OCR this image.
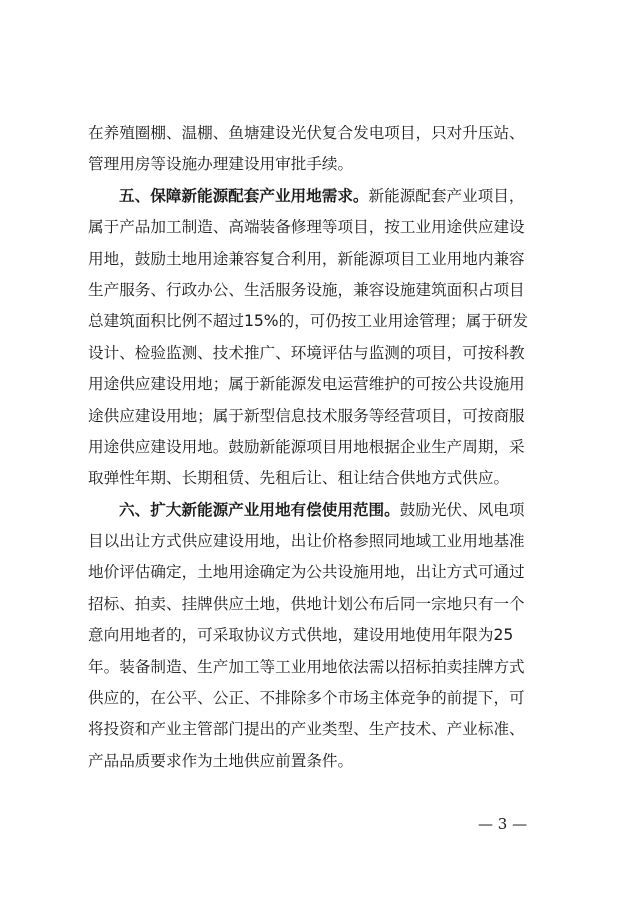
在养殖圈棚、温棚、鱼塘建设光伏复合发电项目，只对升压站、
管理用房等设施办理建设用审批手续。
五、保障新能源配套产业用地需求。新能源配套产业项目，
属于产品加工制造、高端装备修理等项目，按工业用途供应建设
用地，鼓励土地用途兼容复合利用，新能源项目工业用地内兼容
生产服务、行政办公、生活服务设施，兼容设施建筑面积占项目
总建筑面积比例不超过15%的，可仍按工业用途管理；属于研发
设计、检验监测、技术推广、环境评估与监测的项目，可按科教
用途供应建设用地；属于新能源发电运营维护的可按公共设施用
途供应建设用地；属于新型信息技术服务等经营项目，可按商服
用途供应建设用地。鼓励新能源项目用地根据企业生产周期，采
取弹性年期、长期租赁、先租后让、租让结合供地方式供应。
六、扩大新能源产业用地有偿使用范围。鼓励光伏、风电项
目以出让方式供应建设用地，出让价格参照同地域工业用地基准
地价评估确定，土地用途确定为公共设施用地，出让方式可通过
招标、拍卖、挂牌供应土地，供地计划公布后同一宗地只有一个
意向用地者的，可采取协议方式供地，建设用地使用年限为25
年。装备制造、生产加工等工业用地依法需以招标拍卖挂牌方式
供应的，在公平、公正、不排除多个市场主体竞争的前提下，可
将投资和产业主管部门提出的产业类型、生产技术、产业标准、
产品品质要求作为土地供应前置条件。
— 3 —
